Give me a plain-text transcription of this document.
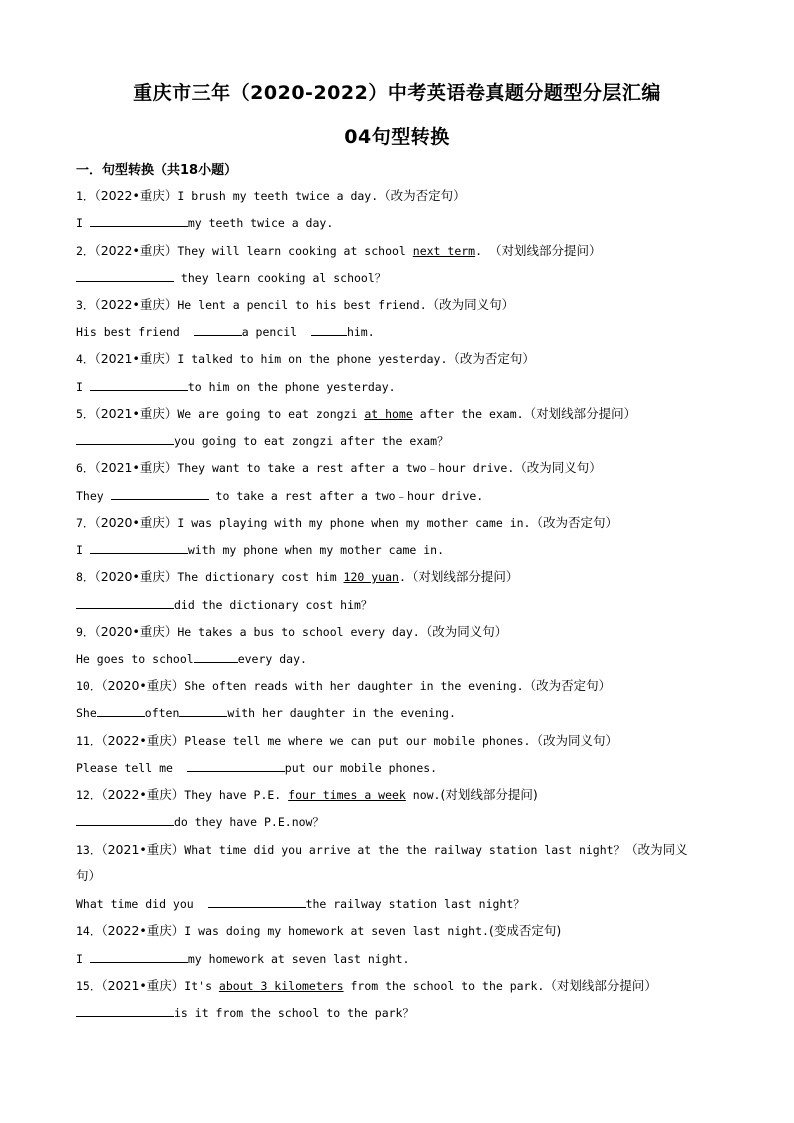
重庆市三年（2020-2022）中考英语卷真题分题型分层汇编
04句型转换
一．句型转换（共18小题）
1．（2022•重庆）I brush my teeth twice a day.（改为否定句）
I	my teeth twice a day.
2．（2022•重庆）They will learn cooking at school next term. （对划线部分提问）
they learn cooking al school？
3．（2022•重庆）He lent a pencil to his best friend.（改为同义句）
His best friend	a pencil	him.
4．（2021•重庆）I talked to him on the phone yesterday.（改为否定句）
I	to him on the phone yesterday.
5．（2021•重庆）We are going to eat zongzi at home after the exam.（对划线部分提问）
you going to eat zongzi after the exam？
6．（2021•重庆）They want to take a rest after a two﹣hour drive.（改为同义句）
They	to take a rest after a two﹣hour drive.
7．（2020•重庆）I was playing with my phone when my mother came in.（改为否定句）
I	with my phone when my mother came in.
8．（2020•重庆）The dictionary cost him 120 yuan.（对划线部分提问）
did the dictionary cost him？
9．（2020•重庆）He takes a bus to school every day.（改为同义句）
He goes to school	every day.
10．（2020•重庆）She often reads with her daughter in the evening.（改为否定句）
She	often	with her daughter in the evening.
11．（2022•重庆）Please tell me where we can put our mobile phones.（改为同义句）
Please tell me	put our mobile phones.
12．（2022•重庆）They have P.E. four times a week now.(对划线部分提问)
do they have P.E.now？
13．（2021•重庆）What time did you arrive at the the railway station last night？（改为同义
句）
What time did you	the railway station last night？
14．（2022•重庆）I was doing my homework at seven last night.(变成否定句)
I	my homework at seven last night.
15．（2021•重庆）It's about 3 kilometers from the school to the park.（对划线部分提问）
is it from the school to the park？
